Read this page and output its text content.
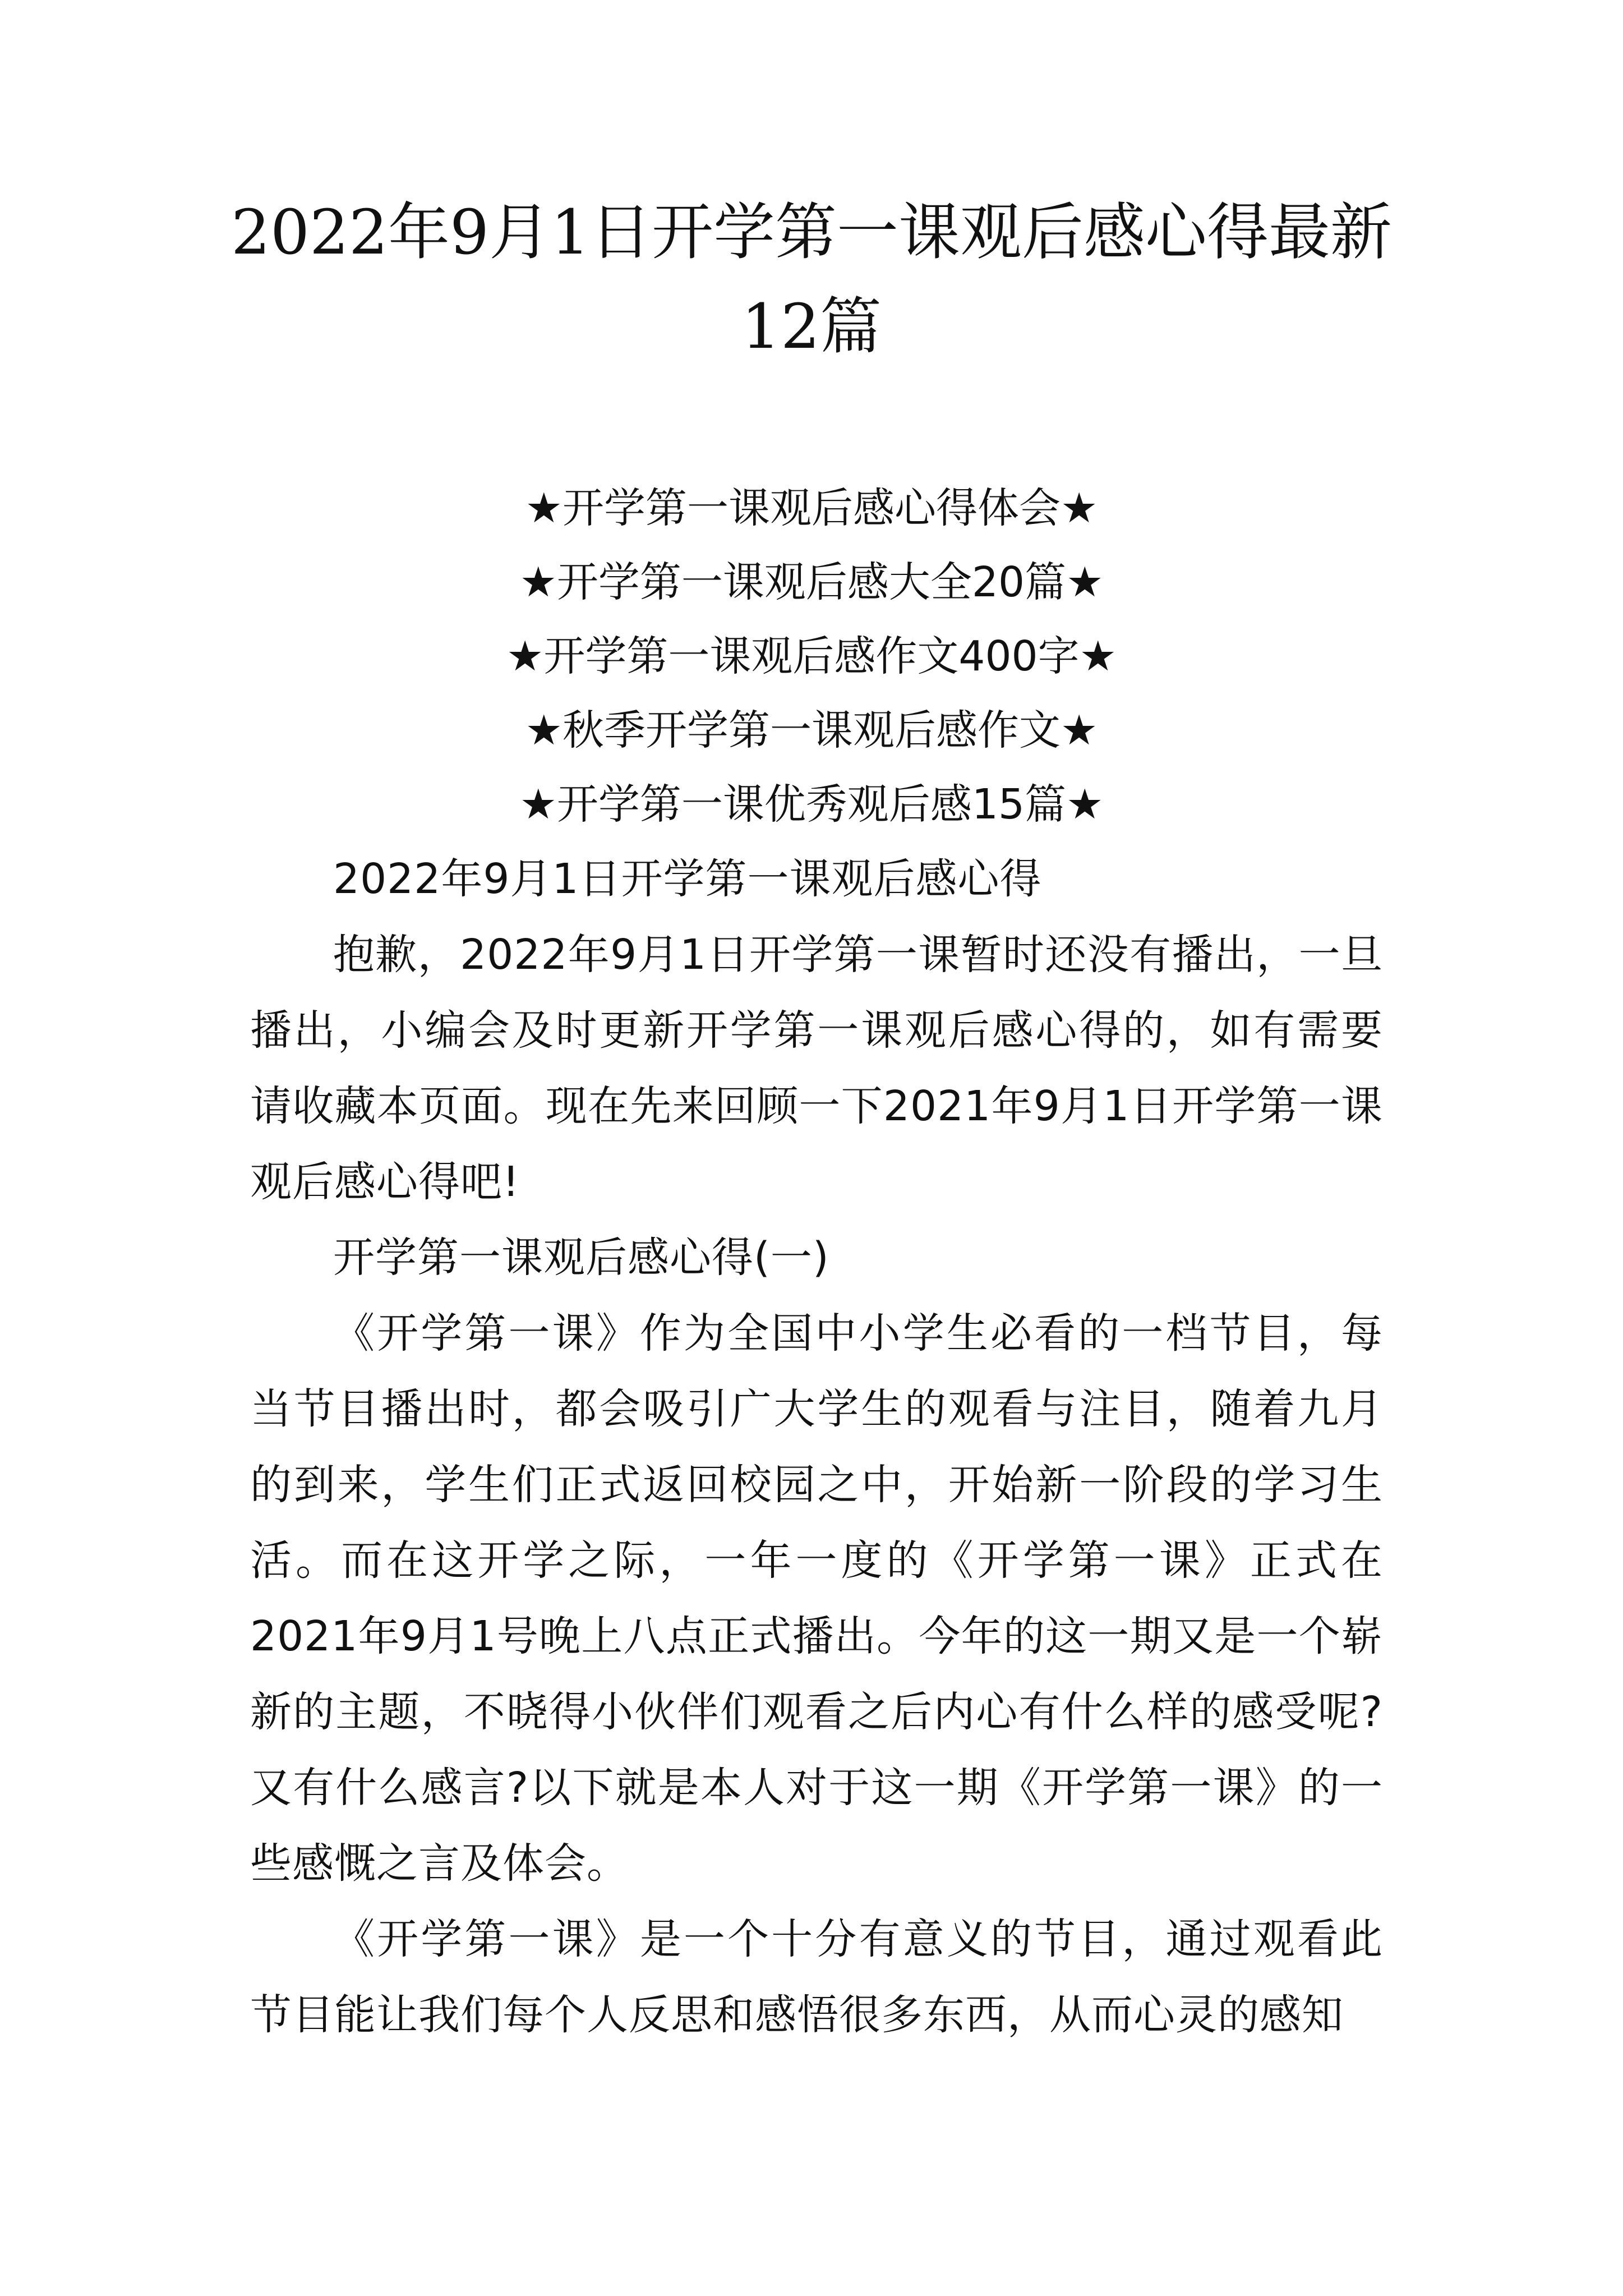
2022年9月1日开学第一课观后感心得最新
12篇
★开学第一课观后感心得体会★
★开学第一课观后感大全20篇★
★开学第一课观后感作文400字★
★秋季开学第一课观后感作文★
★开学第一课优秀观后感15篇★

2022年9月1日开学第一课观后感心得

抱歉，2022年9月1日开学第一课暂时还没有播出，一旦播出，小编会及时更新开学第一课观后感心得的，如有需要请收藏本页面。现在先来回顾一下2021年9月1日开学第一课观后感心得吧!

开学第一课观后感心得(一)

《开学第一课》作为全国中小学生必看的一档节目，每当节目播出时，都会吸引广大学生的观看与注目，随着九月的到来，学生们正式返回校园之中，开始新一阶段的学习生活。而在这开学之际，一年一度的《开学第一课》正式在2021年9月1号晚上八点正式播出。今年的这一期又是一个崭新的主题，不晓得小伙伴们观看之后内心有什么样的感受呢?又有什么感言?以下就是本人对于这一期《开学第一课》的一些感慨之言及体会。

《开学第一课》是一个十分有意义的节目，通过观看此节目能让我们每个人反思和感悟很多东西，从而心灵的感知
